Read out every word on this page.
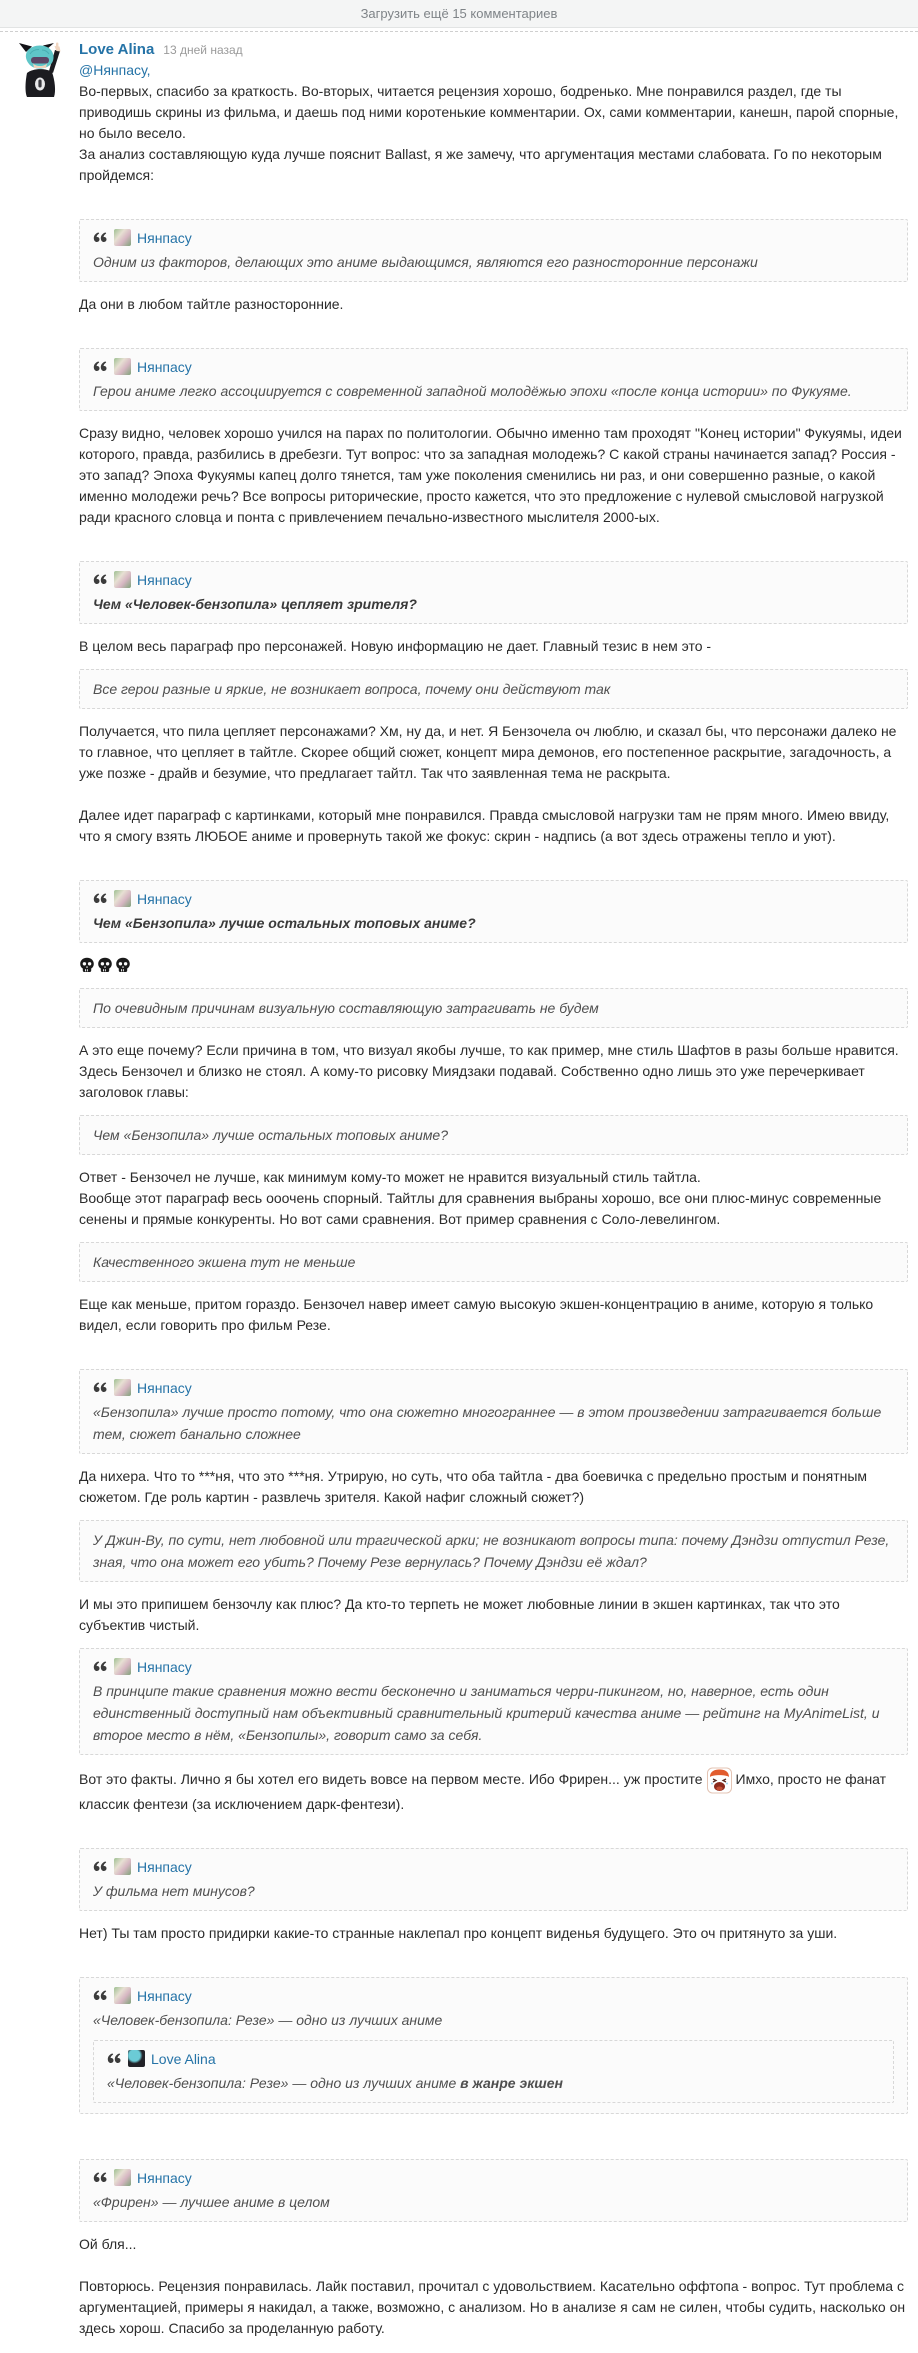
Загрузить ещё 15 комментариев
Love Alina 13 дней назад
@Нянпасу,
Во-первых, спасибо за краткость. Во-вторых, читается рецензия хорошо, бодренько. Мне понравился раздел, где ты приводишь скрины из фильма, и даешь под ними коротенькие комментарии. Ох, сами комментарии, канешн, парой спорные, но было весело.
За анализ составляющую куда лучше пояснит Ballast, я же замечу, что аргументация местами слабовата. Го по некоторым пройдемся:
Нянпасу
Одним из факторов, делающих это аниме выдающимся, являются его разносторонние персонажи
Да они в любом тайтле разносторонние.
Нянпасу
Герои аниме легко ассоциируется с современной западной молодёжью эпохи «после конца истории» по Фукуяме.
Сразу видно, человек хорошо учился на парах по политологии. Обычно именно там проходят "Конец истории" Фукуямы, идеи которого, правда, разбились в дребезги. Тут вопрос: что за западная молодежь? С какой страны начинается запад? Россия - это запад? Эпоха Фукуямы капец долго тянется, там уже поколения сменились ни раз, и они совершенно разные, о какой именно молодежи речь? Все вопросы риторические, просто кажется, что это предложение с нулевой смысловой нагрузкой ради красного словца и понта с привлечением печально-известного мыслителя 2000-ых.
Нянпасу
Чем «Человек-бензопила» цепляет зрителя?
В целом весь параграф про персонажей. Новую информацию не дает. Главный тезис в нем это -
Все герои разные и яркие, не возникает вопроса, почему они действуют так
Получается, что пила цепляет персонажами? Хм, ну да, и нет. Я Бензочела оч люблю, и сказал бы, что персонажи далеко не то главное, что цепляет в тайтле. Скорее общий сюжет, концепт мира демонов, его постепенное раскрытие, загадочность, а уже позже - драйв и безумие, что предлагает тайтл. Так что заявленная тема не раскрыта.
Далее идет параграф с картинками, который мне понравился. Правда смысловой нагрузки там не прям много. Имею ввиду, что я смогу взять ЛЮБОЕ аниме и провернуть такой же фокус: скрин - надпись (а вот здесь отражены тепло и уют).
Нянпасу
Чем «Бензопила» лучше остальных топовых аниме?
По очевидным причинам визуальную составляющую затрагивать не будем
А это еще почему? Если причина в том, что визуал якобы лучше, то как пример, мне стиль Шафтов в разы больше нравится. Здесь Бензочел и близко не стоял. А кому-то рисовку Миядзаки подавай. Собственно одно лишь это уже перечеркивает заголовок главы:
Чем «Бензопила» лучше остальных топовых аниме?
Ответ - Бензочел не лучше, как минимум кому-то может не нравится визуальный стиль тайтла.
Вообще этот параграф весь ооочень спорный. Тайтлы для сравнения выбраны хорошо, все они плюс-минус современные сенены и прямые конкуренты. Но вот сами сравнения. Вот пример сравнения с Соло-левелингом.
Качественного экшена тут не меньше
Еще как меньше, притом гораздо. Бензочел навер имеет самую высокую экшен-концентрацию в аниме, которую я только видел, если говорить про фильм Резе.
Нянпасу
«Бензопила» лучше просто потому, что она сюжетно многограннее — в этом произведении затрагивается больше тем, сюжет банально сложнее
Да нихера. Что то ***ня, что это ***ня. Утрирую, но суть, что оба тайтла - два боевичка с предельно простым и понятным сюжетом. Где роль картин - развлечь зрителя. Какой нафиг сложный сюжет?)
У Джин-Ву, по сути, нет любовной или трагической арки; не возникают вопросы типа: почему Дэндзи отпустил Резе, зная, что она может его убить? Почему Резе вернулась? Почему Дэндзи её ждал?
И мы это припишем бензочлу как плюс? Да кто-то терпеть не может любовные линии в экшен картинках, так что это субъектив чистый.
Нянпасу
В принципе такие сравнения можно вести бесконечно и заниматься черри-пикингом, но, наверное, есть один единственный доступный нам объективный сравнительный критерий качества аниме — рейтинг на MyAnimeList, и второе место в нём, «Бензопилы», говорит само за себя.
Вот это факты. Лично я бы хотел его видеть вовсе на первом месте. Ибо Фрирен... уж простите Имхо, просто не фанат классик фентези (за исключением дарк-фентези).
Нянпасу
У фильма нет минусов?
Нет) Ты там просто придирки какие-то странные наклепал про концепт виденья будущего. Это оч притянуто за уши.
Нянпасу
«Человек-бензопила: Резе» — одно из лучших аниме
Love Alina
«Человек-бензопила: Резе» — одно из лучших аниме в жанре экшен
Нянпасу
«Фрирен» — лучшее аниме в целом
Ой бля...
Повторюсь. Рецензия понравилась. Лайк поставил, прочитал с удовольствием. Касательно оффтопа - вопрос. Тут проблема с аргументацией, примеры я накидал, а также, возможно, с анализом. Но в анализе я сам не силен, чтобы судить, насколько он здесь хорош. Спасибо за проделанную работу.
